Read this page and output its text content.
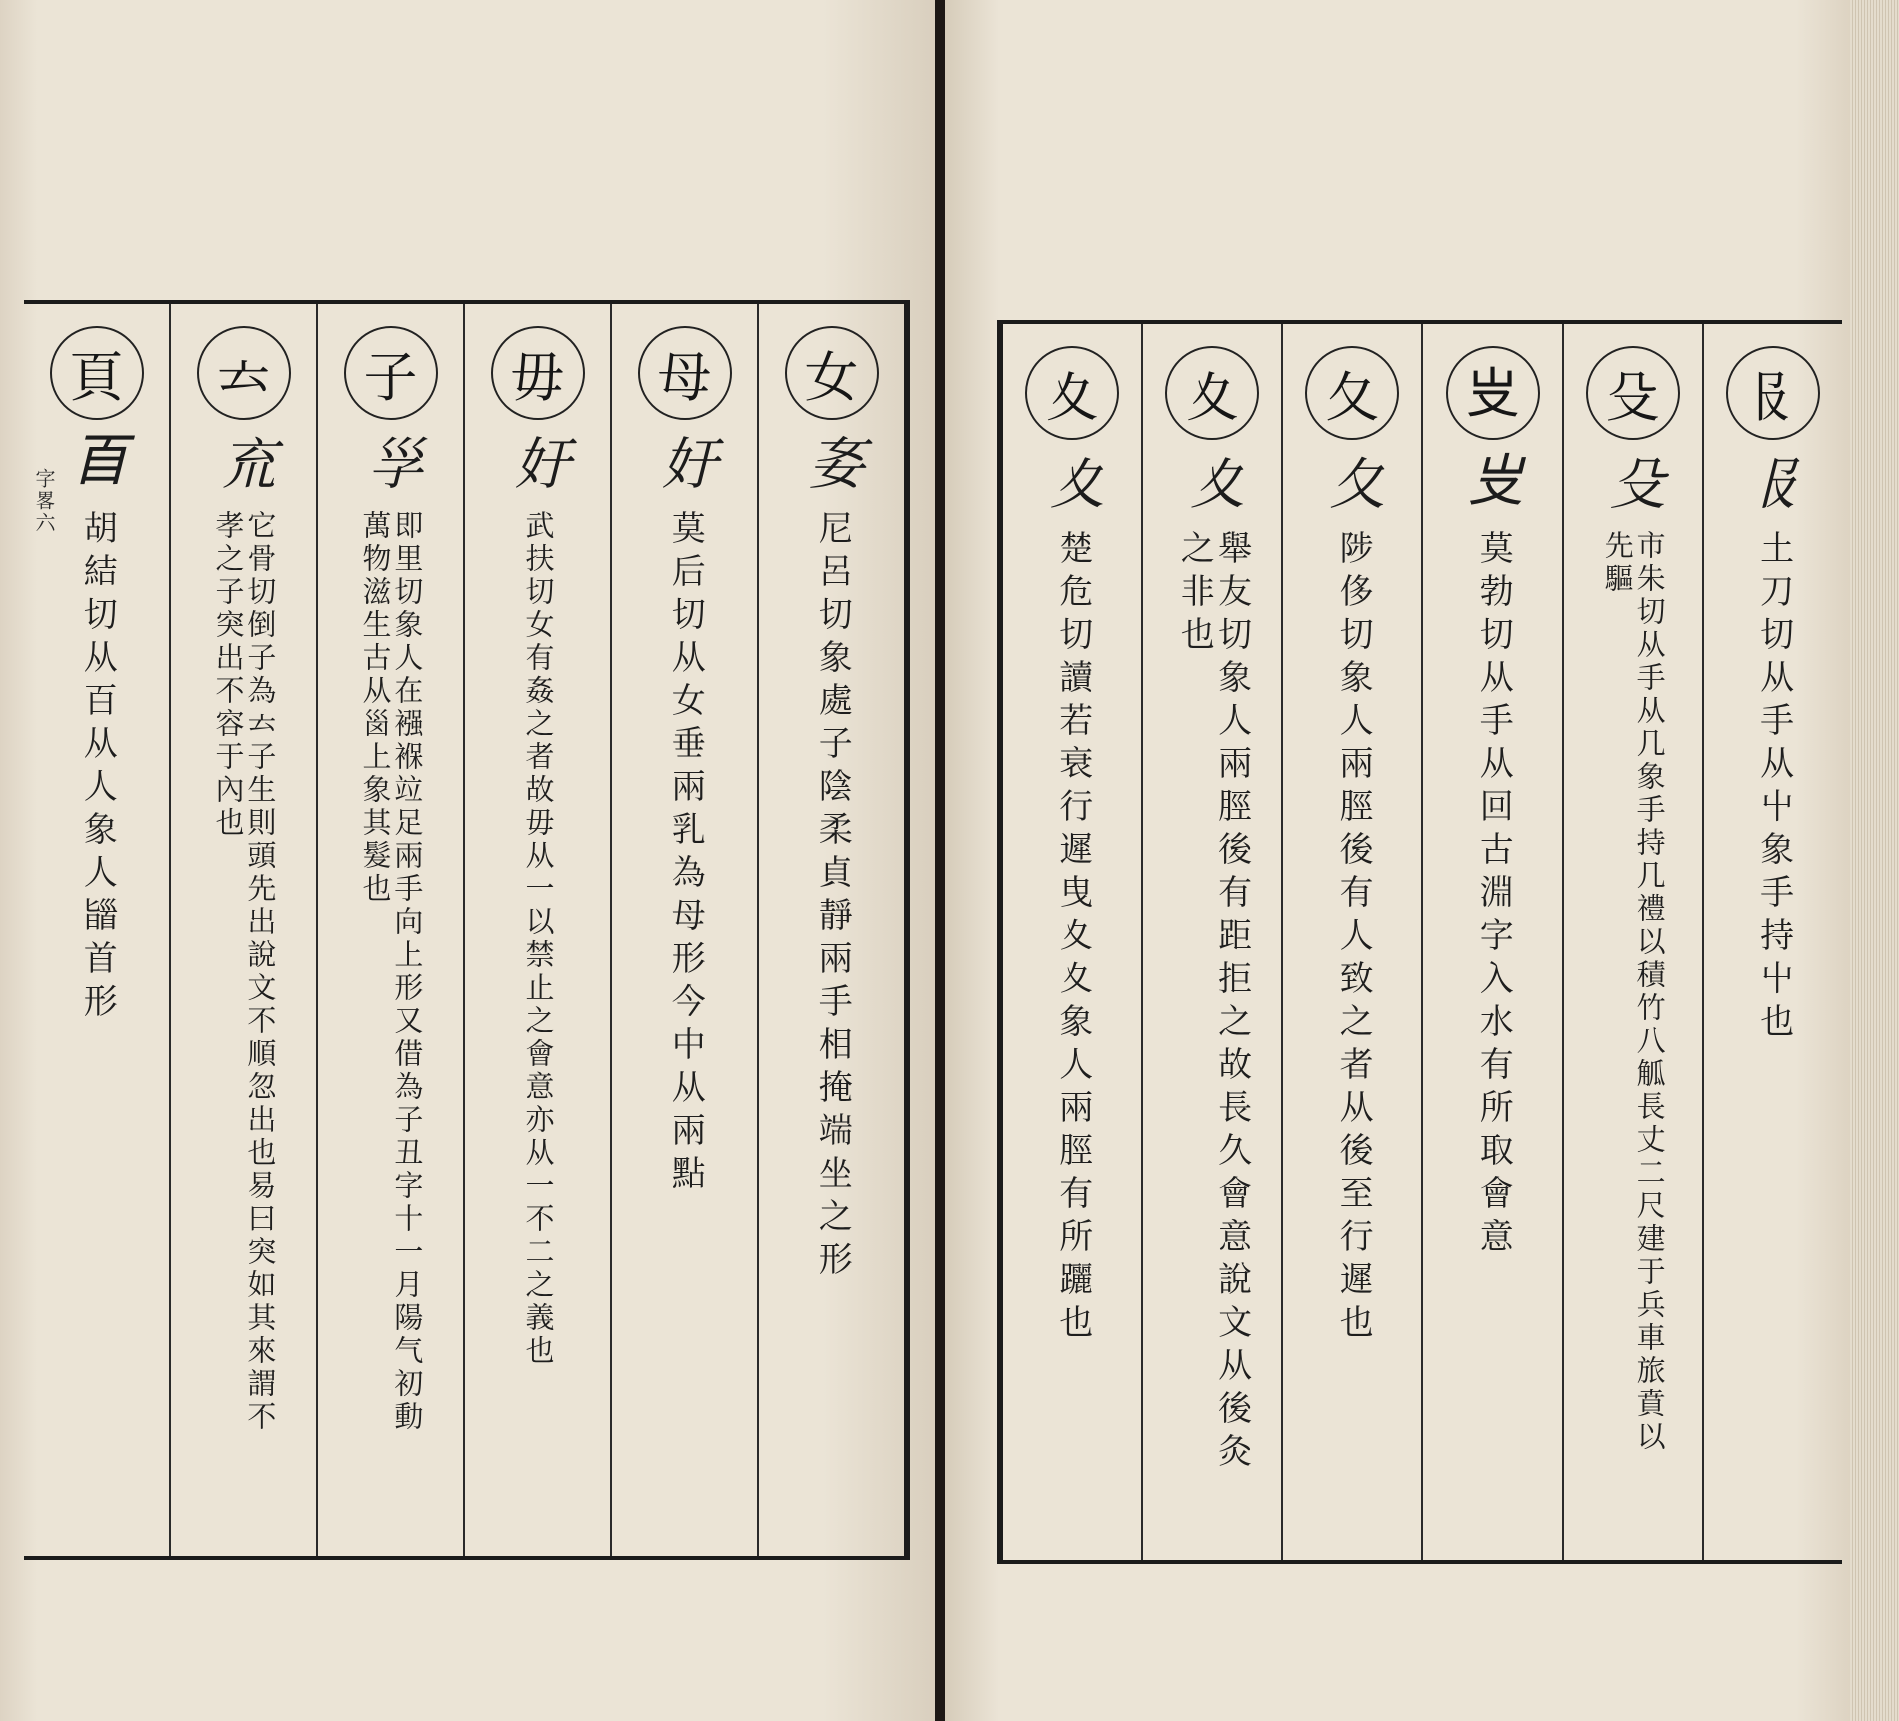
字畧六
女
㚣
尼呂切象處子陰柔貞靜兩手相掩端坐之形
母
㚥
莫后切从女垂兩乳為母形今中从兩點
毋
㚥
武扶切女有姦之者故毋从一以禁止之會意亦从一不二之義也
子
㜽
即里切象人在襁褓竝足兩手向上形又借為子丑字十一月陽气初動萬物滋生古从𡿺上象其髮也
𠫓
㐬
它骨切倒子為𠫓子生則頭先出說文不順忽出也易曰突如其來謂不孝之子突出不容于內也
頁
𦣻
胡結切从百从人象人䭬首形
𠬝
𠬝
土刀切从手从屮象手持屮也
殳
殳
市朱切从手从几象手持几禮以積竹八觚長丈二尺建于兵車旅賁以先驅
𠬢
𠬢
莫勃切从手从回古淵字入水有所取會意
夂
夂
陟侈切象人兩脛後有人致之者从後至行遲也
夊
夊
舉友切象人兩脛後有距拒之故長久會意說文从後灸之非也
夊
夊
楚危切讀若衰行遲曳夊夊象人兩脛有所躧也
